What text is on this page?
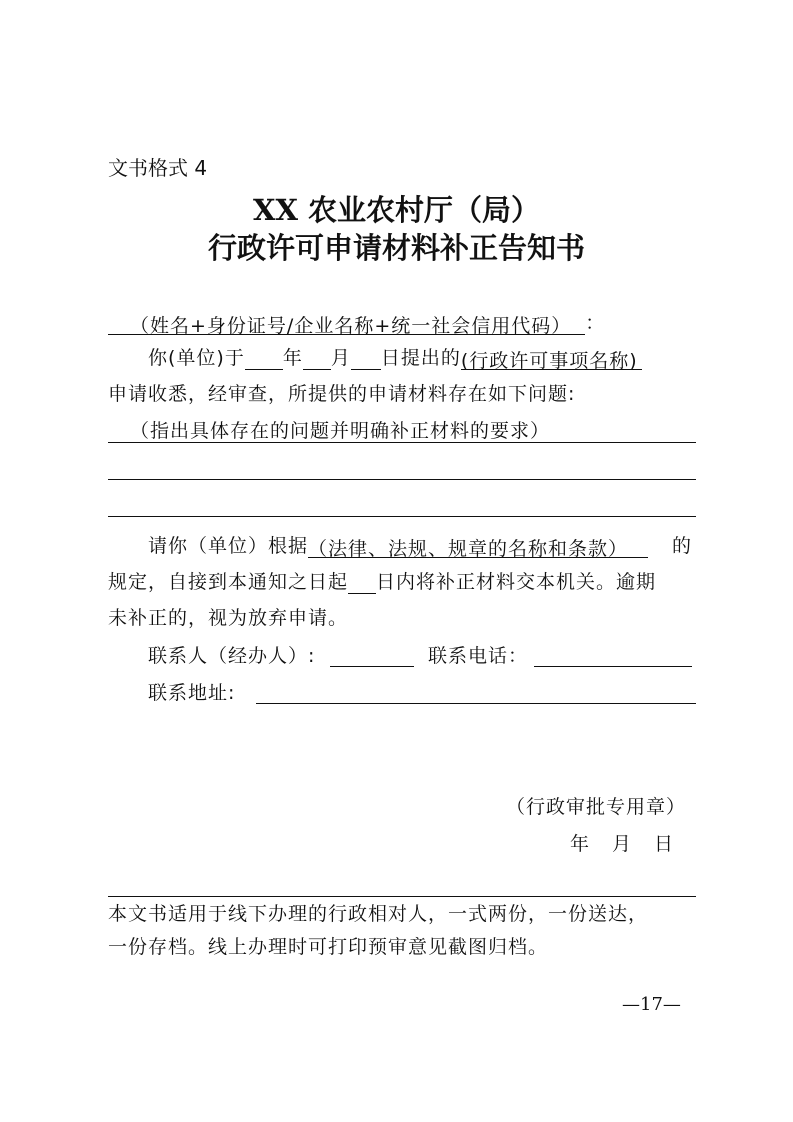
文书格式 4
XX 农业农村厅（局）
行政许可申请材料补正告知书
（姓名+身份证号/企业名称+统一社会信用代码） ：
你(单位)于 年 月 日提出的(行政许可事项名称)
申请收悉，经审查，所提供的申请材料存在如下问题:
（指出具体存在的问题并明确补正材料的要求）
请你（单位）根据（法律、法规、规章的名称和条款）	的
规定，自接到本通知之日起 日内将补正材料交本机关。逾期
未补正的，视为放弃申请。
联系人（经办人）:	联系电话：
联系地址:
（行政审批专用章）
年 月 日
本文书适用于线下办理的行政相对人，一式两份，一份送达，
一份存档。线上办理时可打印预审意见截图归档。
—17—
